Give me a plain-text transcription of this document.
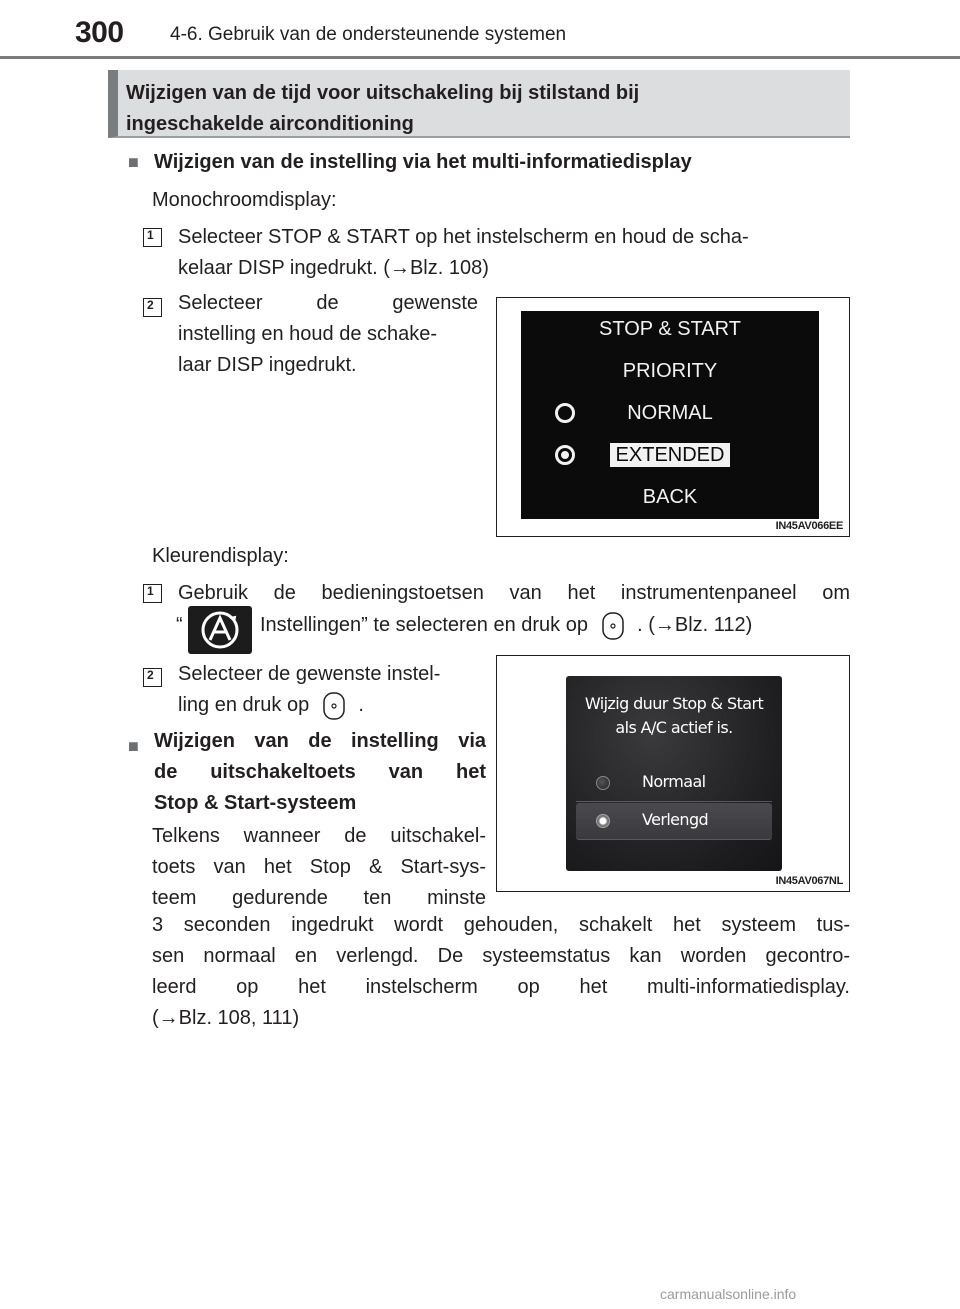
300 4-6. Gebruik van de ondersteunende systemen
Wijzigen van de tijd voor uitschakeling bij stilstand bij
ingeschakelde airconditioning
■ Wijzigen van de instelling via het multi-informatiedisplay
Monochroomdisplay:
1	Selecteer STOP & START op het instelscherm en houd de scha-
kelaar DISP ingedrukt. (→Blz. 108)
2	Selecteer de gewenste
instelling en houd de schake-
laar DISP ingedrukt.
STOP & START
PRIORITY
NORMAL
EXTENDED
BACK
IN45AV066EE
Kleurendisplay:
1	Gebruik de bedieningstoetsen van het instrumentenpaneel om
“	Instellingen” te selecteren en druk op . (→Blz. 112)
2	Selecteer de gewenste instel-
ling en druk op .	Wijzig duur Stop & Start
als A/C actief is.
Normaal
Verlengd
IN45AV067NL
■ Wijzigen van de instelling via
de uitschakeltoets van het
Stop & Start-systeem
Telkens wanneer de uitschakel-
toets van het Stop & Start-sys-
teem gedurende ten minste
3 seconden ingedrukt wordt gehouden, schakelt het systeem tus-
sen normaal en verlengd. De systeemstatus kan worden gecontro-
leerd op het instelscherm op het multi-informatiedisplay.
(→Blz. 108, 111)
carmanualsonline.info
